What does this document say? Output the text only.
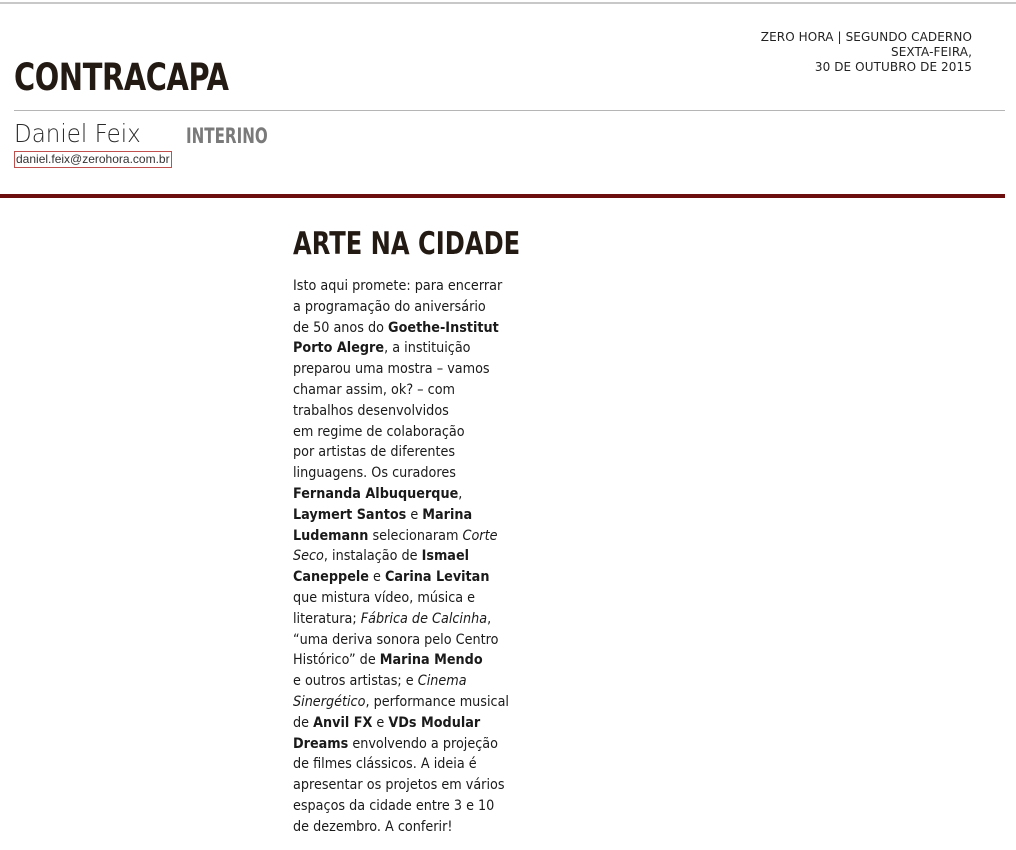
ZERO HORA | SEGUNDO CADERNO
SEXTA-FEIRA,
30 DE OUTUBRO DE 2015
CONTRACAPA
Daniel Feix INTERINO
daniel.feix@zerohora.com.br
ARTE NA CIDADE
Isto aqui promete: para encerrar
a programação do aniversário
de 50 anos do Goethe-Institut
Porto Alegre, a instituição
preparou uma mostra – vamos
chamar assim, ok? – com
trabalhos desenvolvidos
em regime de colaboração
por artistas de diferentes
linguagens. Os curadores
Fernanda Albuquerque,
Laymert Santos e Marina
Ludemann selecionaram Corte
Seco, instalação de Ismael
Caneppele e Carina Levitan
que mistura vídeo, música e
literatura; Fábrica de Calcinha,
“uma deriva sonora pelo Centro
Histórico” de Marina Mendo
e outros artistas; e Cinema
Sinergético, performance musical
de Anvil FX e VDs Modular
Dreams envolvendo a projeção
de filmes clássicos. A ideia é
apresentar os projetos em vários
espaços da cidade entre 3 e 10
de dezembro. A conferir!
